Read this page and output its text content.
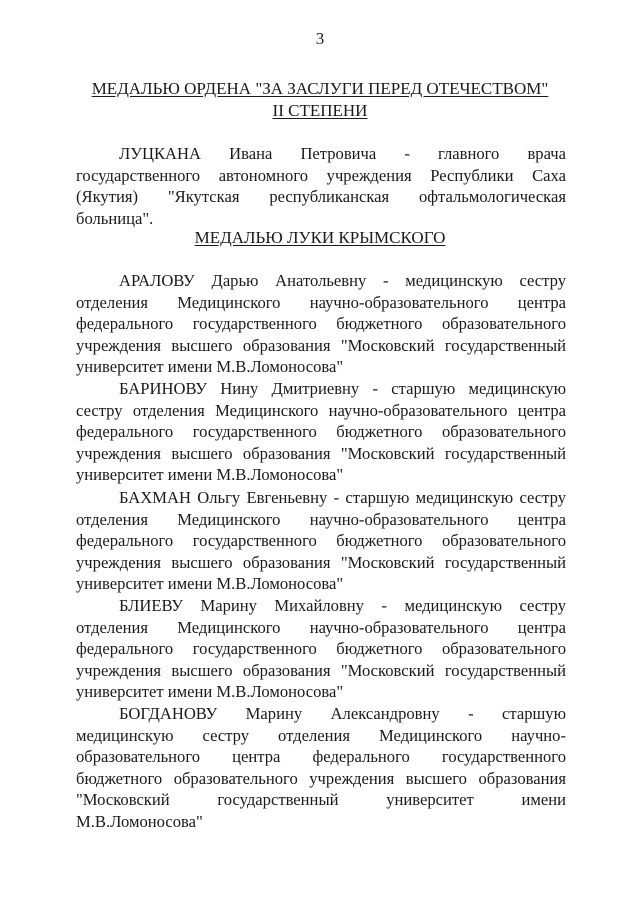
3
МЕДАЛЬЮ ОРДЕНА "ЗА ЗАСЛУГИ ПЕРЕД ОТЕЧЕСТВОМ"
II СТЕПЕНИ

ЛУЦКАНА Ивана Петровича - главного врача государственного автономного учреждения Республики Саха (Якутия) "Якутская республиканская офтальмологическая больница".

МЕДАЛЬЮ ЛУКИ КРЫМСКОГО

АРАЛОВУ Дарью Анатольевну - медицинскую сестру отделения Медицинского научно-образовательного центра федерального государственного бюджетного образовательного учреждения высшего образования "Московский государственный университет имени М.В.Ломоносова"

БАРИНОВУ Нину Дмитриевну - старшую медицинскую сестру отделения Медицинского научно-образовательного центра федерального государственного бюджетного образовательного учреждения высшего образования "Московский государственный университет имени М.В.Ломоносова"

БАХМАН Ольгу Евгеньевну - старшую медицинскую сестру отделения Медицинского научно-образовательного центра федерального государственного бюджетного образовательного учреждения высшего образования "Московский государственный университет имени М.В.Ломоносова"

БЛИЕВУ Марину Михайловну - медицинскую сестру отделения Медицинского научно-образовательного центра федерального государственного бюджетного образовательного учреждения высшего образования "Московский государственный университет имени М.В.Ломоносова"

БОГДАНОВУ Марину Александровну - старшую медицинскую сестру отделения Медицинского научно-образовательного центра федерального государственного бюджетного образовательного учреждения высшего образования "Московский государственный университет имени М.В.Ломоносова"
